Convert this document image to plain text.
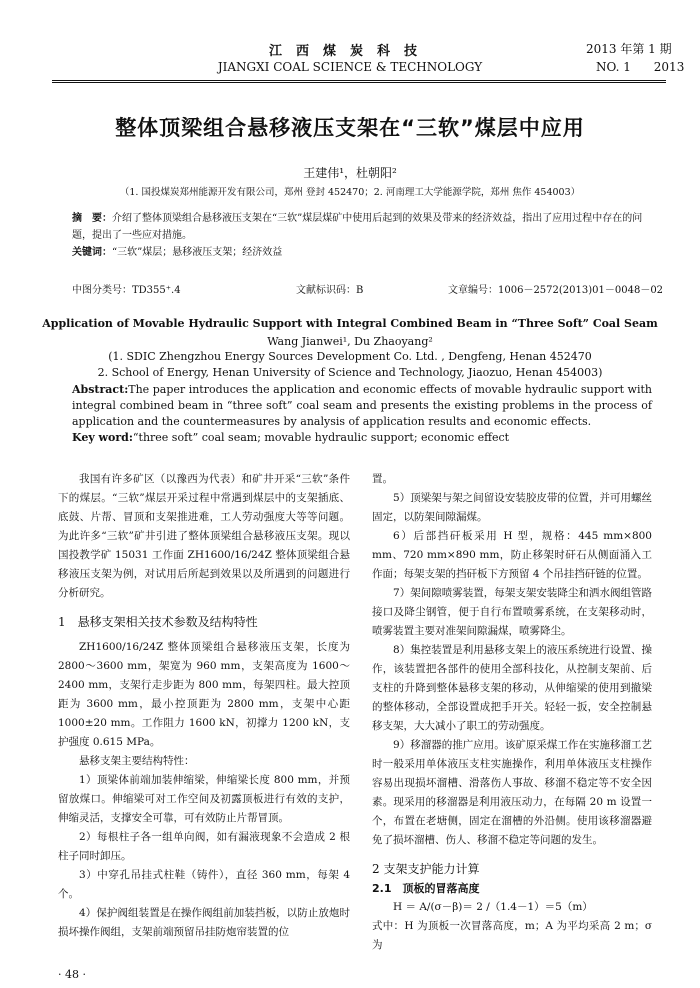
江西煤炭科技
JIANGXI COAL SCIENCE & TECHNOLOGY
2013 年第 1 期
NO. 1      2013
整体顶梁组合悬移液压支架在“三软”煤层中应用
王建伟¹，杜朝阳²
（1. 国投煤炭郑州能源开发有限公司，郑州 登封 452470；2. 河南理工大学能源学院，郑州 焦作 454003）
摘　要：介绍了整体顶梁组合悬移液压支架在“三软”煤层煤矿中使用后起到的效果及带来的经济效益，指出了应用过程中存在的问题，提出了一些应对措施。
关键词：“三软”煤层；悬移液压支架；经济效益
中图分类号：TD355⁺.4	文献标识码：B	文章编号：1006－2572(2013)01－0048－02
Application of Movable Hydraulic Support with Integral Combined Beam in “Three Soft” Coal Seam
Wang Jianwei¹, Du Zhaoyang²
(1. SDIC Zhengzhou Energy Sources Development Co. Ltd. , Dengfeng, Henan 452470
2. School of Energy, Henan University of Science and Technology, Jiaozuo, Henan 454003)
Abstract:The paper introduces the application and economic effects of movable hydraulic support with integral combined beam in “three soft” coal seam and presents the existing problems in the process of application and the countermeasures by analysis of application results and economic effects.
Key word:“three soft” coal seam; movable hydraulic support; economic effect

我国有许多矿区（以豫西为代表）和矿井开采“三软”条件下的煤层。“三软”煤层开采过程中常遇到煤层中的支架插底、底鼓、片帮、冒顶和支架推进难，工人劳动强度大等等问题。为此许多“三软”矿井引进了整体顶梁组合悬移液压支架。现以国投教学矿 15031 工作面 ZH1600/16/24Z 整体顶梁组合悬移液压支架为例，对试用后所起到效果以及所遇到的问题进行分析研究。

1　悬移支架相关技术参数及结构特性

ZH1600/16/24Z 整体顶梁组合悬移液压支架，长度为 2800～3600 mm，架宽为 960 mm，支架高度为 1600～2400 mm，支架行走步距为 800 mm，每架四柱。最大控顶距为 3600 mm，最小控顶距为 2800 mm，支架中心距 1000±20 mm。工作阻力 1600 kN，初撑力 1200 kN，支护强度 0.615 MPa。

悬移支架主要结构特性：

1）顶梁体前端加装伸缩梁，伸缩梁长度 800 mm，并预留放煤口。伸缩梁可对工作空间及初露顶板进行有效的支护，伸缩灵活，支撑安全可靠，可有效防止片帮冒顶。

2）每根柱子各一组单向阀，如有漏液现象不会造成 2 根柱子同时卸压。

3）中穿孔吊挂式柱鞋（铸件），直径 360 mm，每架 4 个。

4）保护阀组装置是在操作阀组前加装挡板，以防止放炮时损坏操作阀组，支架前端预留吊挂防炮帘装置的位

置。

5）顶梁架与架之间留设安装胶皮带的位置，并可用螺丝固定，以防架间隙漏煤。

6）后部挡矸板采用 H 型，规格：445 mm×800 mm、720 mm×890 mm，防止移架时矸石从侧面涌入工作面；每架支架的挡矸板下方预留 4 个吊挂挡矸链的位置。

7）架间隙喷雾装置，每架支架安装降尘和洒水阀组管路接口及降尘钢管，便于自行布置喷雾系统，在支架移动时，喷雾装置主要对准架间隙漏煤，喷雾降尘。

8）集控装置是利用悬移支架上的液压系统进行设置、操作，该装置把各部件的使用全部科技化，从控制支架前、后支柱的升降到整体悬移支架的移动，从伸缩梁的使用到撤梁的整体移动，全部设置成把手开关。轻轻一扳，安全控制悬移支架，大大减小了职工的劳动强度。

9）移溜器的推广应用。该矿原采煤工作在实施移溜工艺时一般采用单体液压支柱实施操作，利用单体液压支柱操作容易出现损坏溜槽、滑落伤人事故、移溜不稳定等不安全因素。现采用的移溜器是利用液压动力，在每隔 20 m 设置一个，布置在老塘侧，固定在溜槽的外沿侧。使用该移溜器避免了损坏溜槽、伤人、移溜不稳定等问题的发生。

2 支架支护能力计算
2.1　顶板的冒落高度

H ＝ A/(σ－β)＝ 2 /（1.4－1）＝5（m）

式中：H 为顶板一次冒落高度，m；A 为平均采高 2 m；σ 为

· 48 ·
